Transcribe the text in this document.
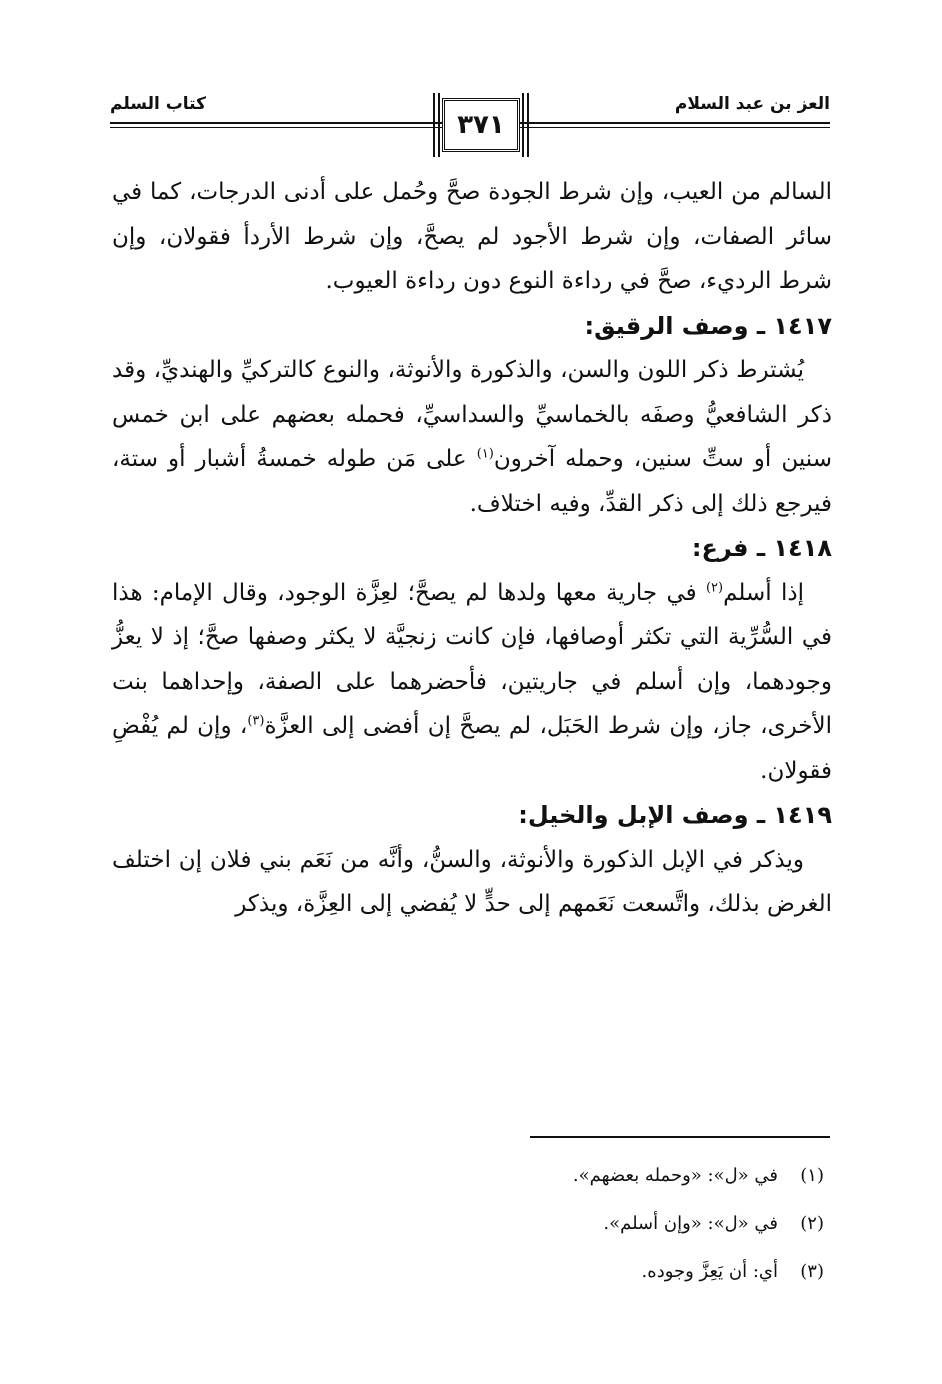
العز بن عبد السلام
كتاب السلم
٣٧١

السالم من العيب، وإن شرط الجودة صحَّ وحُمل على أدنى الدرجات، كما في سائر الصفات، وإن شرط الأجود لم يصحَّ، وإن شرط الأردأ فقولان، وإن شرط الرديء، صحَّ في رداءة النوع دون رداءة العيوب.

١٤١٧ ـ وصف الرقيق:

يُشترط ذكر اللون والسن، والذكورة والأنوثة، والنوع كالتركيِّ والهنديِّ، وقد ذكر الشافعيُّ وصفَه بالخماسيِّ والسداسيِّ، فحمله بعضهم على ابن خمس سنين أو ستِّ سنين، وحمله آخرون$^{(١)}$ على مَن طوله خمسةُ أشبار أو ستة، فيرجع ذلك إلى ذكر القدِّ، وفيه اختلاف.

١٤١٨ ـ فرع:

إذا أسلم$^{(٢)}$ في جارية معها ولدها لم يصحَّ؛ لعِزَّة الوجود، وقال الإمام: هذا في السُّرِّية التي تكثر أوصافها، فإن كانت زنجيَّة لا يكثر وصفها صحَّ؛ إذ لا يعزُّ وجودهما، وإن أسلم في جاريتين، فأحضرهما على الصفة، وإحداهما بنت الأخرى، جاز، وإن شرط الحَبَل، لم يصحَّ إن أفضى إلى العزَّة$^{(٣)}$، وإن لم يُفْضِ فقولان.

١٤١٩ ـ وصف الإبل والخيل:

ويذكر في الإبل الذكورة والأنوثة، والسنُّ، وأنَّه من نَعَم بني فلان إن اختلف الغرض بذلك، واتَّسعت نَعَمهم إلى حدٍّ لا يُفضي إلى العِزَّة، ويذكر

(١)في «ل»: «وحمله بعضهم».

(٢)في «ل»: «وإن أسلم».

(٣)أي: أن يَعِزَّ وجوده.
